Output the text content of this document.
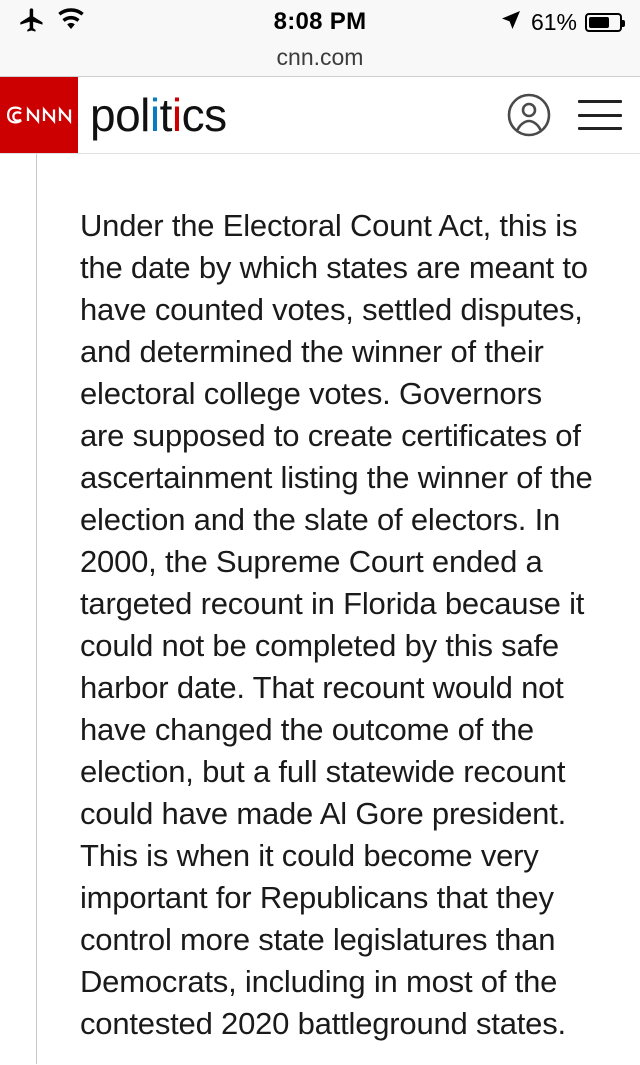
8:08 PM	61%
cnn.com
pol i t i cs

Under the Electoral Count Act, this is the date by which states are meant to have counted votes, settled disputes, and determined the winner of their electoral college votes. Governors are supposed to create certificates of ascertainment listing the winner of the election and the slate of electors. In 2000, the Supreme Court ended a targeted recount in Florida because it could not be completed by this safe harbor date. That recount would not have changed the outcome of the election, but a full statewide recount could have made Al Gore president. This is when it could become very important for Republicans that they control more state legislatures than Democrats, including in most of the contested 2020 battleground states.
